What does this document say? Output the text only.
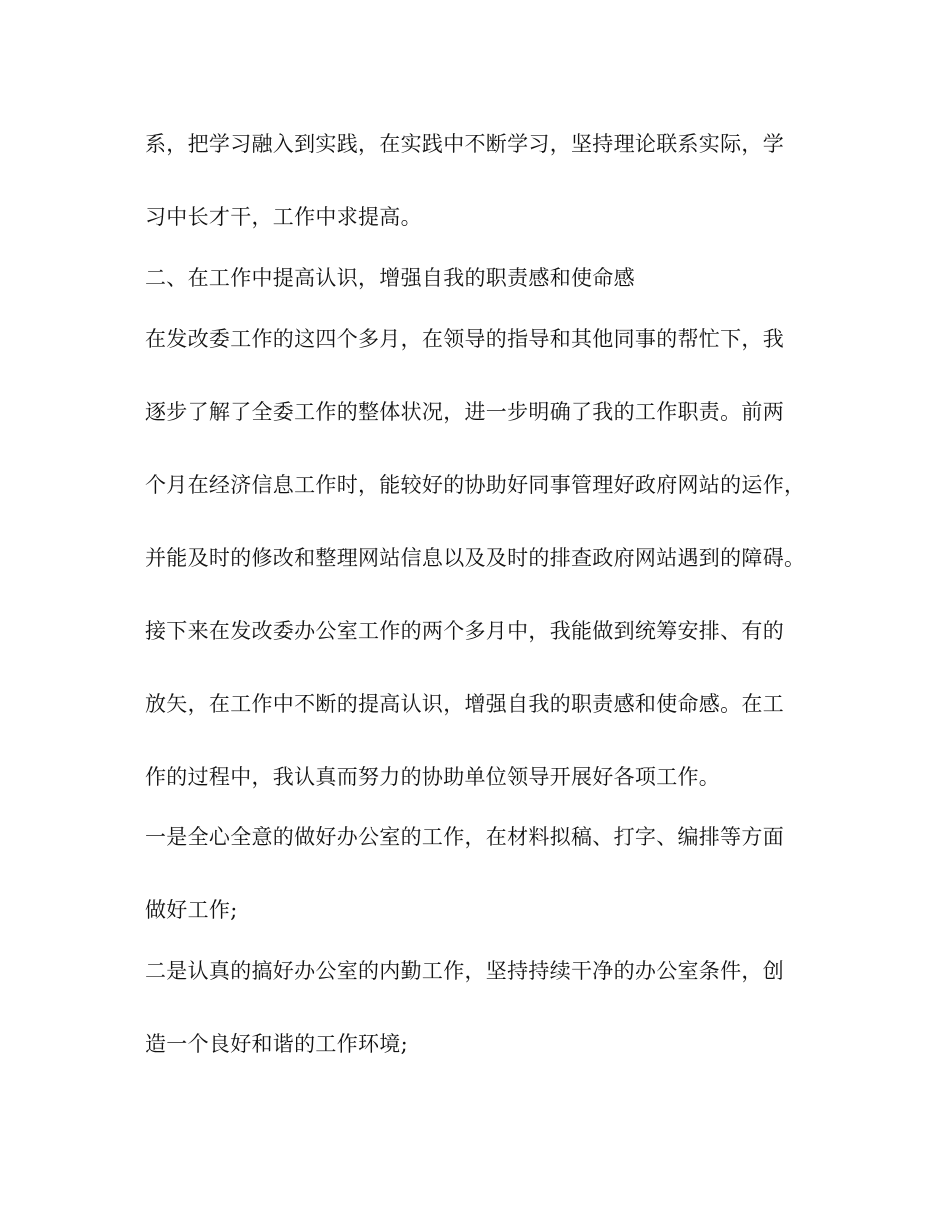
系，把学习融入到实践，在实践中不断学习，坚持理论联系实际，学
习中长才干，工作中求提高。
二、在工作中提高认识，增强自我的职责感和使命感
在发改委工作的这四个多月，在领导的指导和其他同事的帮忙下，我
逐步了解了全委工作的整体状况，进一步明确了我的工作职责。前两
个月在经济信息工作时，能较好的协助好同事管理好政府网站的运作，
并能及时的修改和整理网站信息以及及时的排查政府网站遇到的障碍。
接下来在发改委办公室工作的两个多月中，我能做到统筹安排、有的
放矢，在工作中不断的提高认识，增强自我的职责感和使命感。在工
作的过程中，我认真而努力的协助单位领导开展好各项工作。
一是全心全意的做好办公室的工作，在材料拟稿、打字、编排等方面
做好工作;
二是认真的搞好办公室的内勤工作，坚持持续干净的办公室条件，创
造一个良好和谐的工作环境;
